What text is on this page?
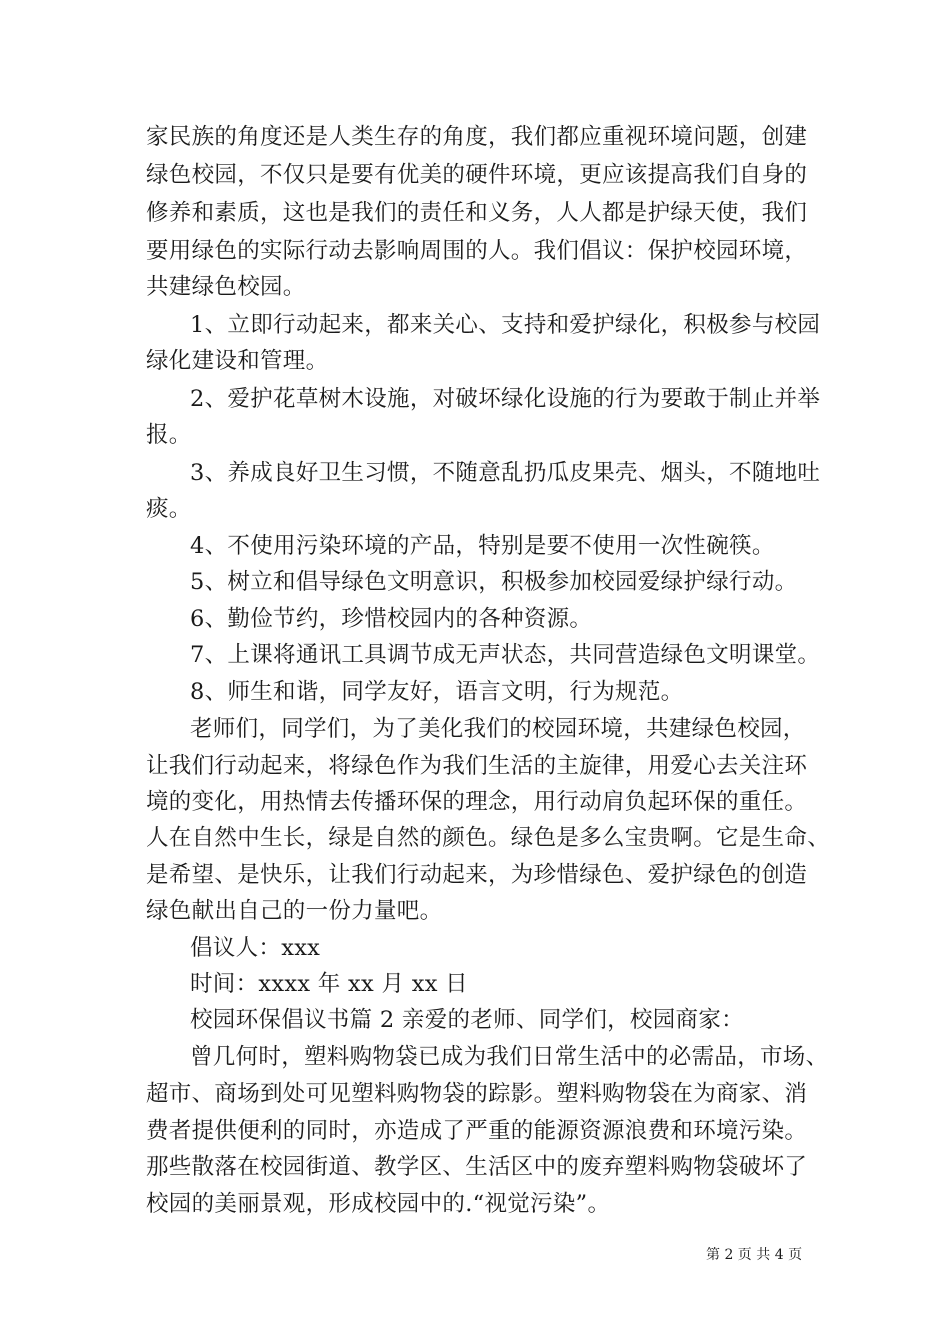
家民族的角度还是人类生存的角度，我们都应重视环境问题，创建
绿色校园，不仅只是要有优美的硬件环境，更应该提高我们自身的
修养和素质，这也是我们的责任和义务，人人都是护绿天使，我们
要用绿色的实际行动去影响周围的人。我们倡议：保护校园环境，
共建绿色校园。
1、立即行动起来，都来关心、支持和爱护绿化，积极参与校园
绿化建设和管理。
2、爱护花草树木设施，对破坏绿化设施的行为要敢于制止并举
报。
3、养成良好卫生习惯，不随意乱扔瓜皮果壳、烟头，不随地吐
痰。
4、不使用污染环境的产品，特别是要不使用一次性碗筷。
5、树立和倡导绿色文明意识，积极参加校园爱绿护绿行动。
6、勤俭节约，珍惜校园内的各种资源。
7、上课将通讯工具调节成无声状态，共同营造绿色文明课堂。
8、师生和谐，同学友好，语言文明，行为规范。
老师们，同学们，为了美化我们的校园环境，共建绿色校园，
让我们行动起来，将绿色作为我们生活的主旋律，用爱心去关注环
境的变化，用热情去传播环保的理念，用行动肩负起环保的重任。
人在自然中生长，绿是自然的颜色。绿色是多么宝贵啊。它是生命、
是希望、是快乐，让我们行动起来，为珍惜绿色、爱护绿色的创造
绿色献出自己的一份力量吧。
倡议人：xxx
时间：xxxx 年 xx 月 xx 日
校园环保倡议书篇 2 亲爱的老师、同学们，校园商家：
曾几何时，塑料购物袋已成为我们日常生活中的必需品，市场、
超市、商场到处可见塑料购物袋的踪影。塑料购物袋在为商家、消
费者提供便利的同时，亦造成了严重的能源资源浪费和环境污染。
那些散落在校园街道、教学区、生活区中的废弃塑料购物袋破坏了
校园的美丽景观，形成校园中的.“视觉污染”。
第 2 页 共 4 页
